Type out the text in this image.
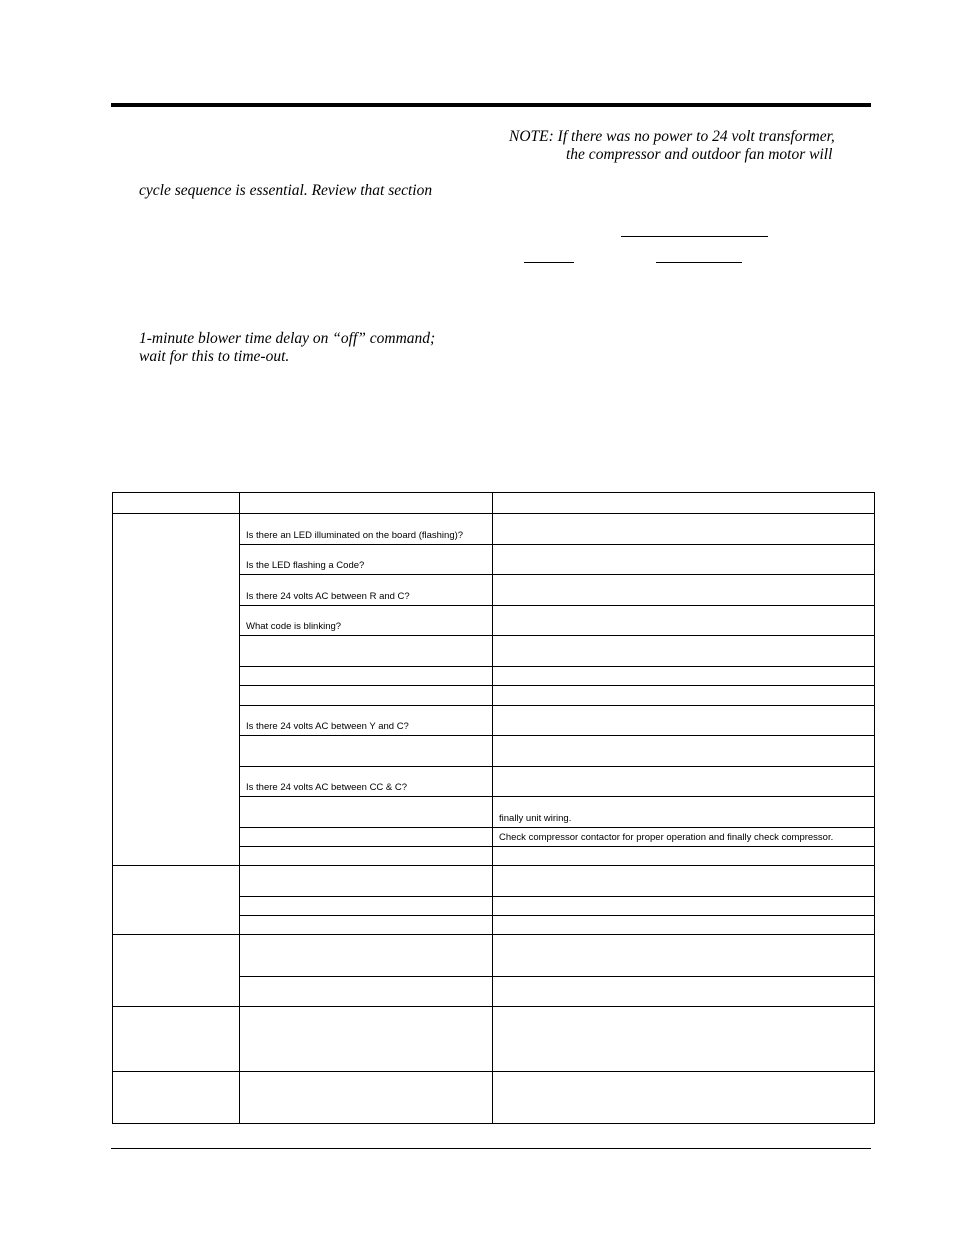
cycle sequence is essential. Review that section
1-minute blower time delay on “off” command;
wait for this to time-out.
NOTE: If there was no power to 24 volt transformer,
the compressor and outdoor fan motor will

	Is there an LED illuminated on the board (flashing)?	
	Is the LED flashing a Code?	
	Is there 24 volts AC between R and C?	
	What code is blinking?	

	Is there 24 volts AC between Y and C?	

	Is there 24 volts AC between CC & C?	
		finally unit wiring.
		Check compressor contactor for proper operation and finally check compressor.
